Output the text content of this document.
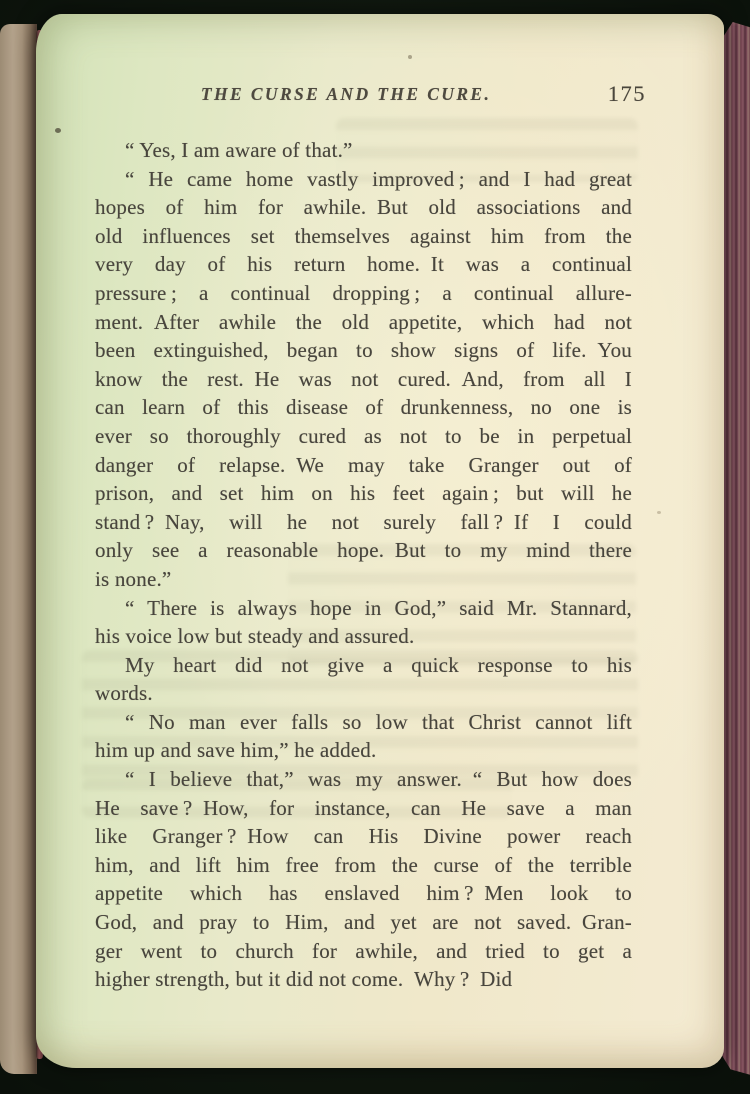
THE CURSE AND THE CURE.	175
“ Yes, I am aware of that.”
“ He came home vastly improved ; and I had great
hopes of him for awhile. But old associations and
old influences set themselves against him from the
very day of his return home. It was a continual
pressure ; a continual dropping ; a continual allure-
ment. After awhile the old appetite, which had not
been extinguished, began to show signs of life. You
know the rest. He was not cured. And, from all I
can learn of this disease of drunkenness, no one is
ever so thoroughly cured as not to be in perpetual
danger of relapse. We may take Granger out of
prison, and set him on his feet again ; but will he
stand ? Nay, will he not surely fall ? If I could
only see a reasonable hope. But to my mind there
is none.”
“ There is always hope in God,” said Mr. Stannard,
his voice low but steady and assured.
My heart did not give a quick response to his
words.
“ No man ever falls so low that Christ cannot lift
him up and save him,” he added.
“ I believe that,” was my answer. “ But how does
He save ? How, for instance, can He save a man
like Granger ? How can His Divine power reach
him, and lift him free from the curse of the terrible
appetite which has enslaved him ? Men look to
God, and pray to Him, and yet are not saved. Gran-
ger went to church for awhile, and tried to get a
higher strength, but it did not come. Why ? Did
